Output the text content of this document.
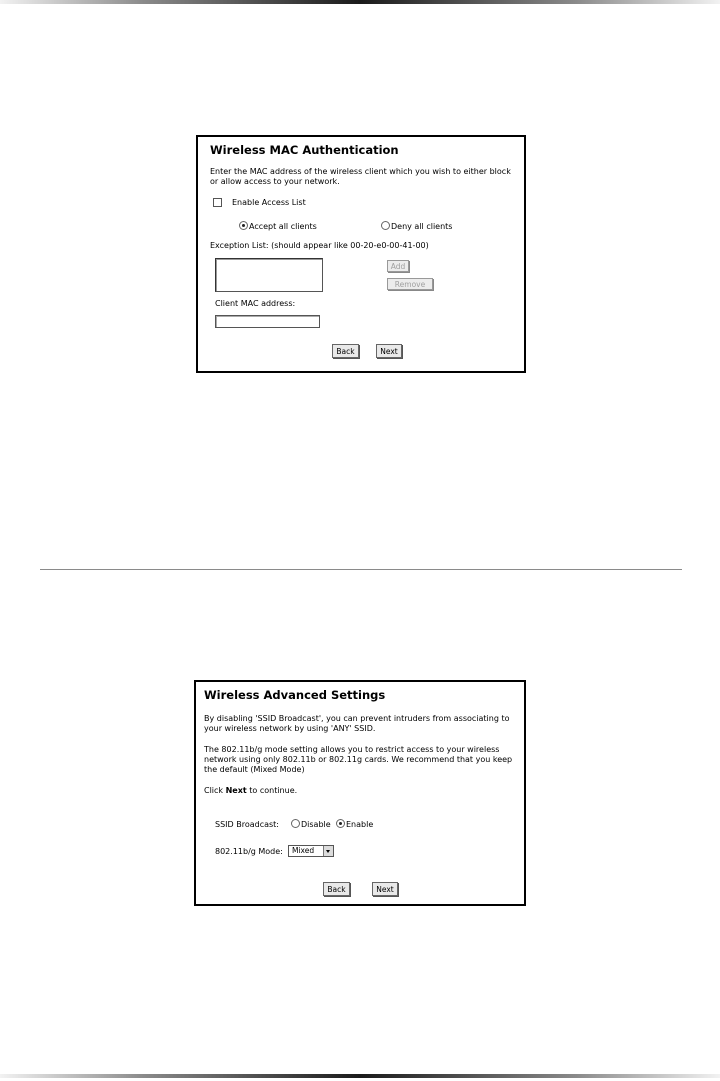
Wireless MAC Authentication
Enter the MAC address of the wireless client which you wish to either block
or allow access to your network.
Enable Access List
Accept all clients	Deny all clients
Exception List: (should appear like 00-20-e0-00-41-00)
Add
Remove
Client MAC address:
Back	Next
Wireless Advanced Settings
By disabling 'SSID Broadcast', you can prevent intruders from associating to
your wireless network by using 'ANY' SSID.
The 802.11b/g mode setting allows you to restrict access to your wireless
network using only 802.11b or 802.11g cards. We recommend that you keep
the default (Mixed Mode)
Click Next to continue.
SSID Broadcast:	Disable Enable
802.11b/g Mode: Mixed
Back	Next
